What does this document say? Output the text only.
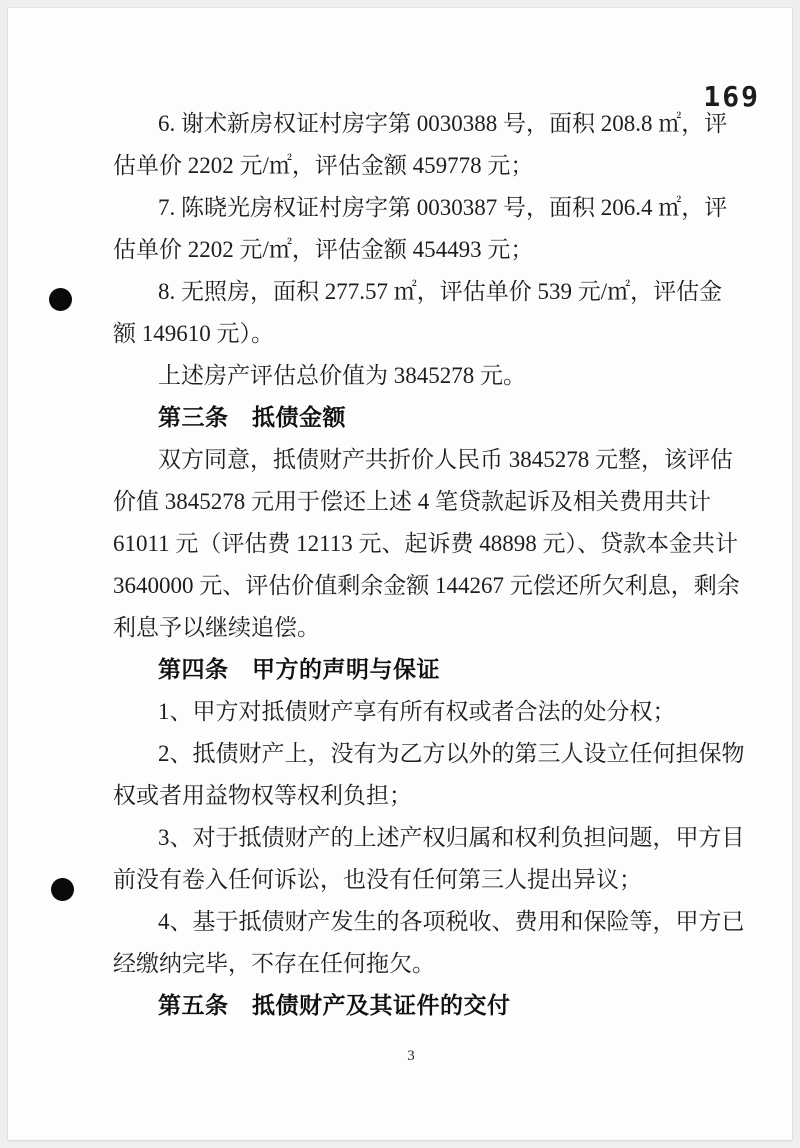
169
6. 谢术新房权证村房字第 0030388 号，面积 208.8 ㎡，评
估单价 2202 元/㎡，评估金额 459778 元；
7. 陈晓光房权证村房字第 0030387 号，面积 206.4 ㎡，评
估单价 2202 元/㎡，评估金额 454493 元；
8. 无照房，面积 277.57 ㎡，评估单价 539 元/㎡，评估金
额 149610 元）。
上述房产评估总价值为 3845278 元。
第三条　抵债金额
双方同意，抵债财产共折价人民币 3845278 元整，该评估
价值 3845278 元用于偿还上述 4 笔贷款起诉及相关费用共计
61011 元（评估费 12113 元、起诉费 48898 元）、贷款本金共计
3640000 元、评估价值剩余金额 144267 元偿还所欠利息，剩余
利息予以继续追偿。
第四条　甲方的声明与保证
1、甲方对抵债财产享有所有权或者合法的处分权；
2、抵债财产上，没有为乙方以外的第三人设立任何担保物
权或者用益物权等权利负担；
3、对于抵债财产的上述产权归属和权利负担问题，甲方目
前没有卷入任何诉讼，也没有任何第三人提出异议；
4、基于抵债财产发生的各项税收、费用和保险等，甲方已
经缴纳完毕，不存在任何拖欠。
第五条　抵债财产及其证件的交付
3
